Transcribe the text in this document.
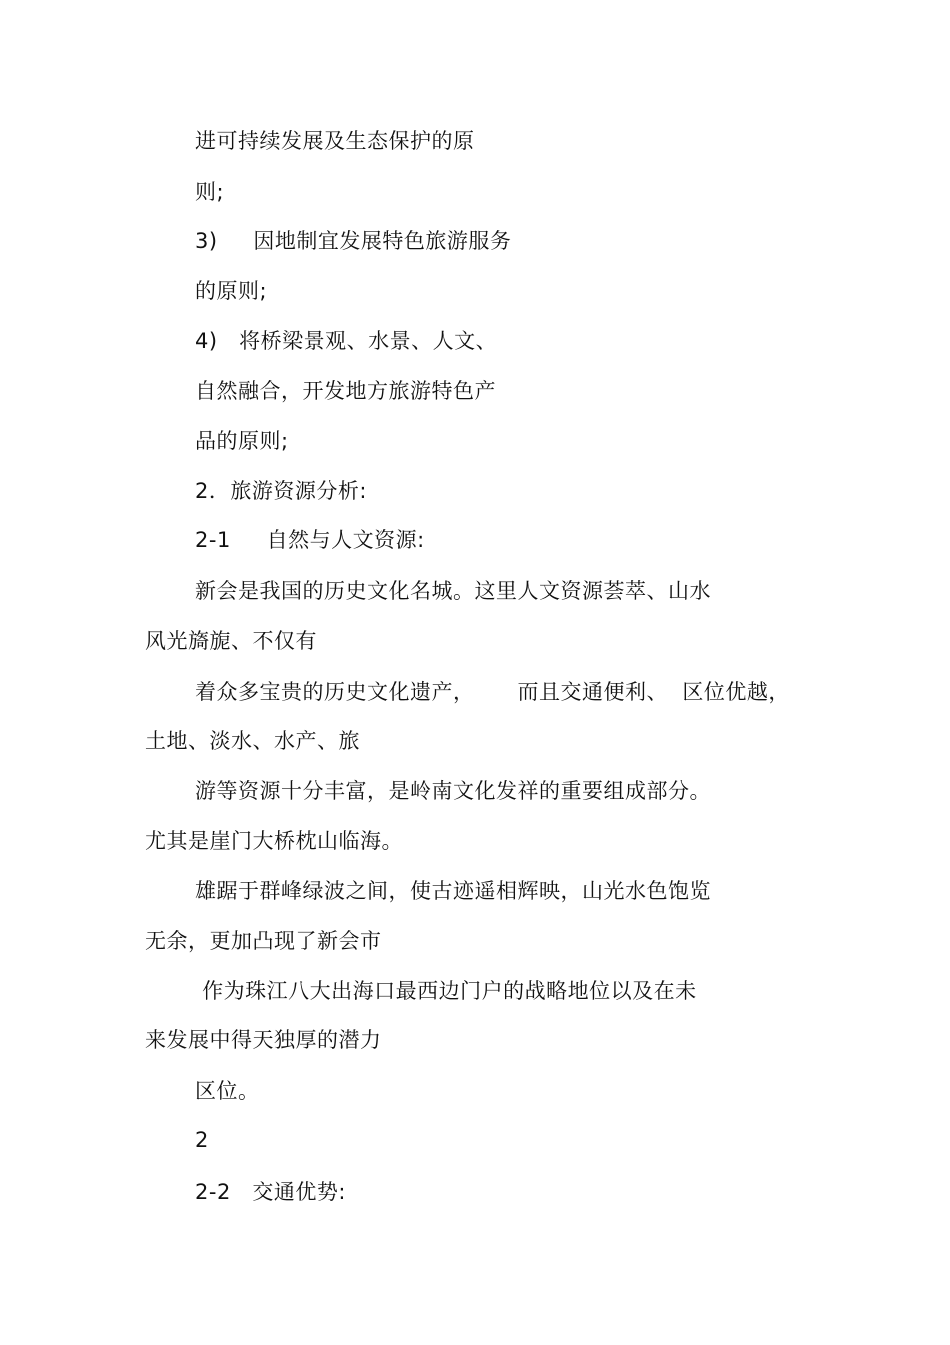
进可持续发展及生态保护的原
则;
3)     因地制宜发展特色旅游服务
的原则;
4)   将桥梁景观、水景、人文、
自然融合，开发地方旅游特色产
品的原则;
2．旅游资源分析:
2-1     自然与人文资源:
新会是我国的历史文化名城。这里人文资源荟萃、山水
风光旖旎、不仅有
着众多宝贵的历史文化遗产，      而且交通便利、  区位优越，
土地、淡水、水产、旅
游等资源十分丰富，是岭南文化发祥的重要组成部分。
尤其是崖门大桥枕山临海。
雄踞于群峰绿波之间，使古迹遥相辉映，山光水色饱览
无余，更加凸现了新会市
作为珠江八大出海口最西边门户的战略地位以及在未
来发展中得天独厚的潜力
区位。
2
2-2   交通优势:
